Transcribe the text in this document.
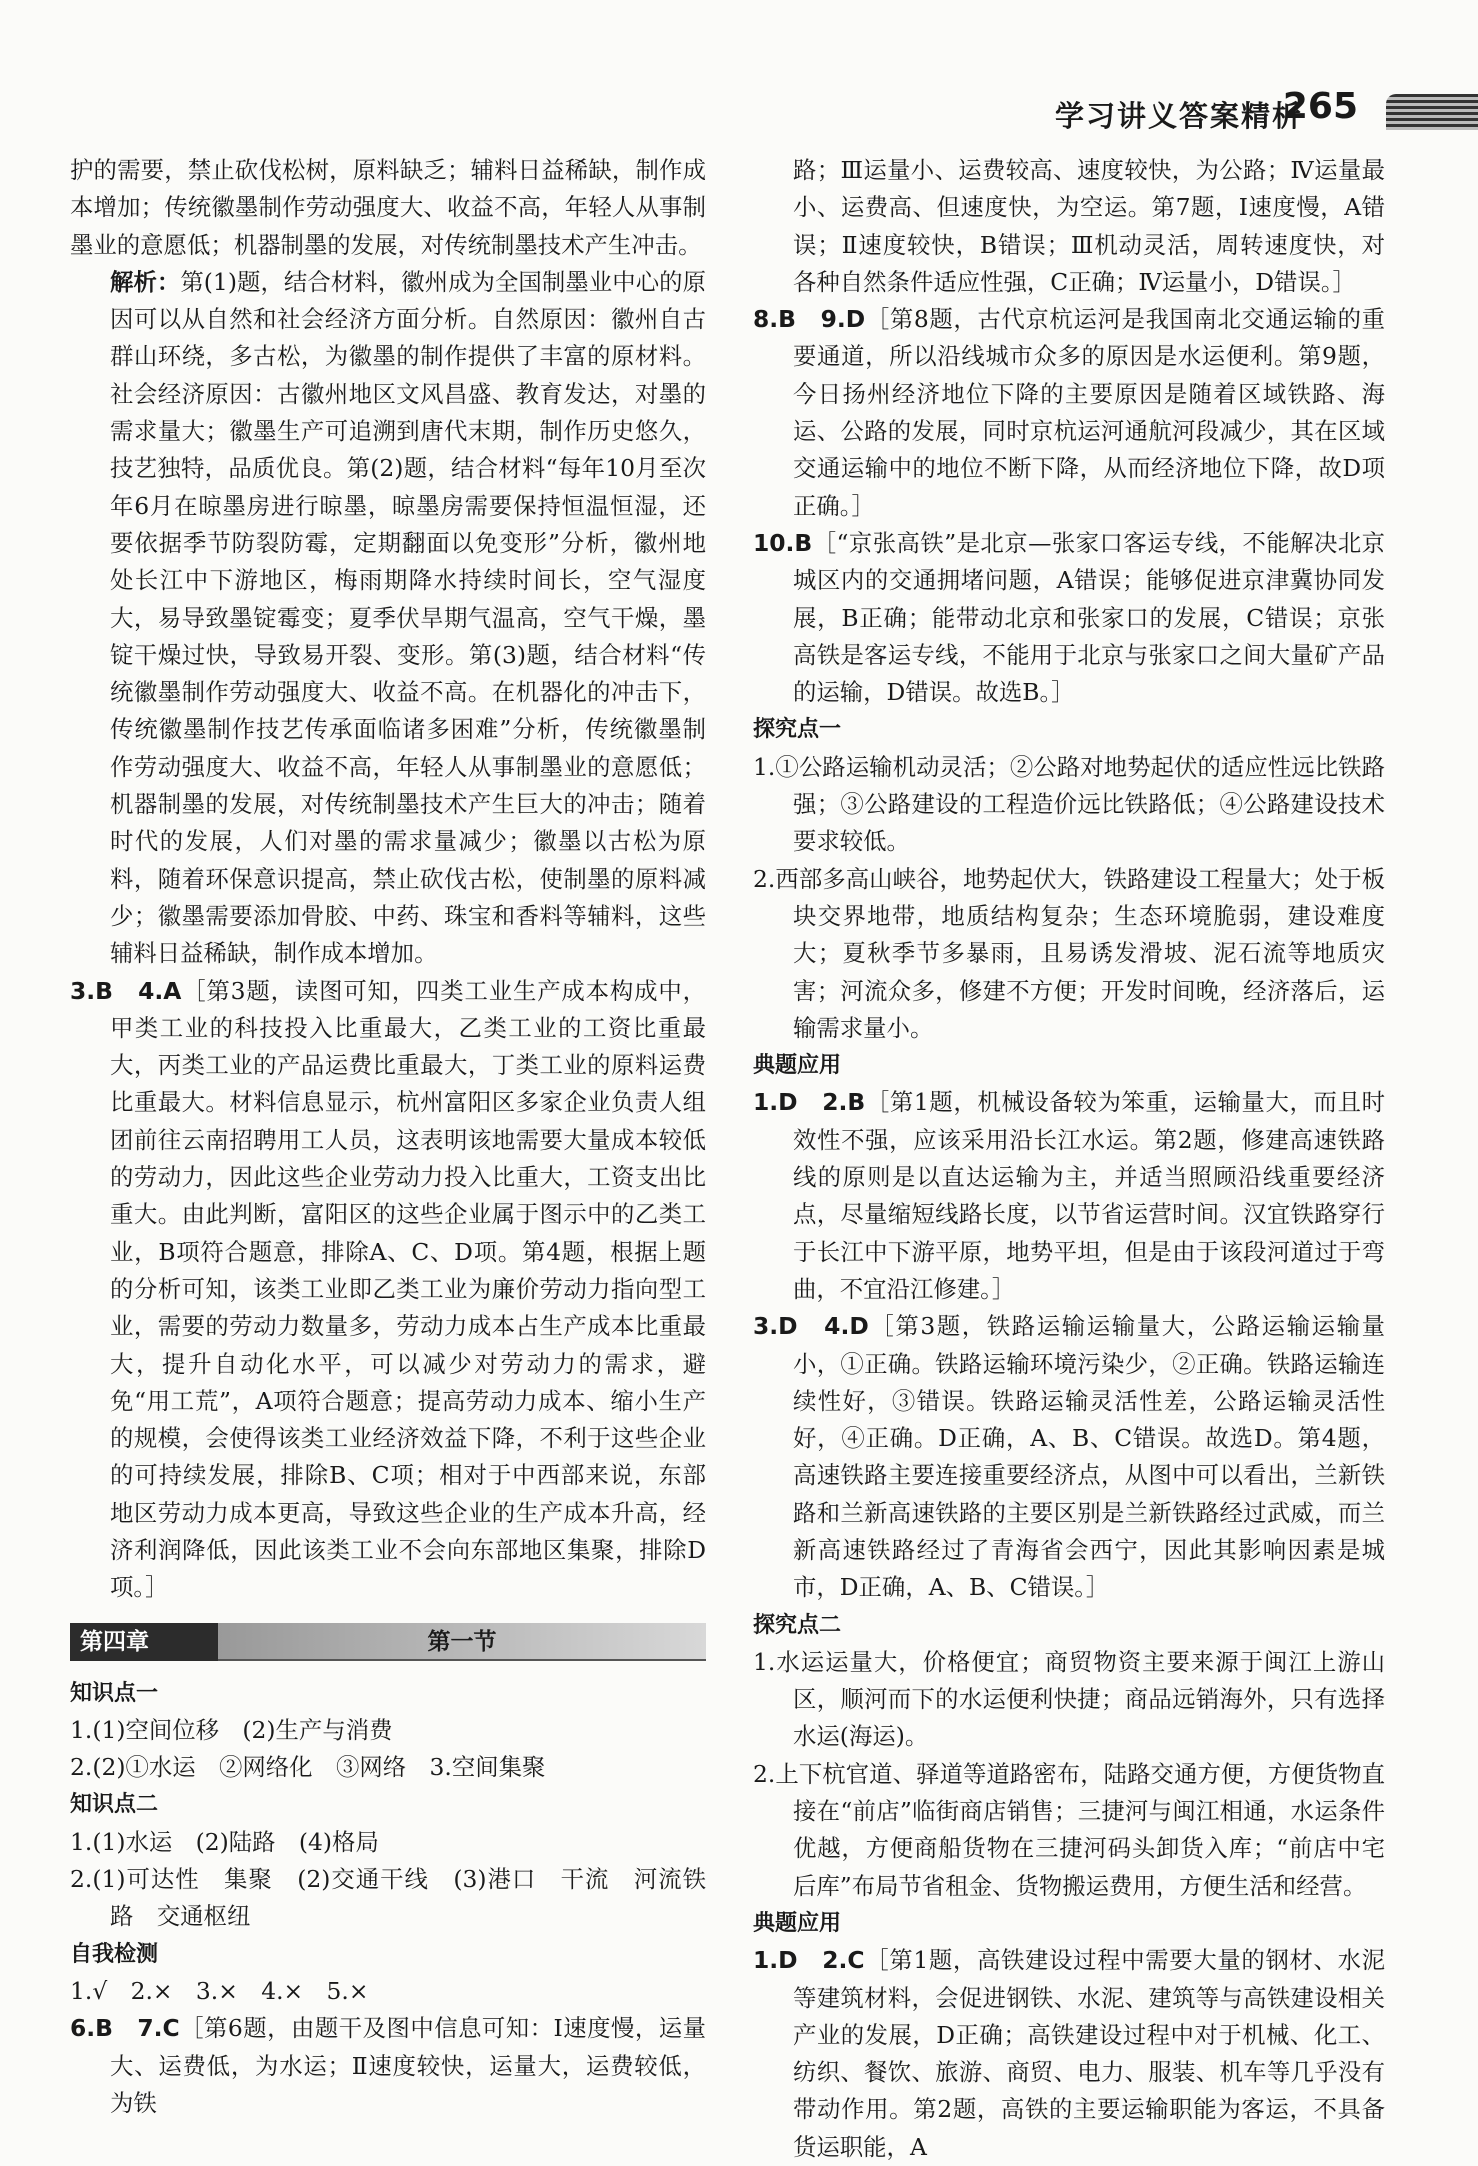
学习讲义答案精析
265

护的需要，禁止砍伐松树，原料缺乏；辅料日益稀缺，制作成本增加；传统徽墨制作劳动强度大、收益不高，年轻人从事制墨业的意愿低；机器制墨的发展，对传统制墨技术产生冲击。

解析：第(1)题，结合材料，徽州成为全国制墨业中心的原因可以从自然和社会经济方面分析。自然原因：徽州自古群山环绕，多古松，为徽墨的制作提供了丰富的原材料。社会经济原因：古徽州地区文风昌盛、教育发达，对墨的需求量大；徽墨生产可追溯到唐代末期，制作历史悠久，技艺独特，品质优良。第(2)题，结合材料“每年10月至次年6月在晾墨房进行晾墨，晾墨房需要保持恒温恒湿，还要依据季节防裂防霉，定期翻面以免变形”分析，徽州地处长江中下游地区，梅雨期降水持续时间长，空气湿度大，易导致墨锭霉变；夏季伏旱期气温高，空气干燥，墨锭干燥过快，导致易开裂、变形。第(3)题，结合材料“传统徽墨制作劳动强度大、收益不高。在机器化的冲击下，传统徽墨制作技艺传承面临诸多困难”分析，传统徽墨制作劳动强度大、收益不高，年轻人从事制墨业的意愿低；机器制墨的发展，对传统制墨技术产生巨大的冲击；随着时代的发展，人们对墨的需求量减少；徽墨以古松为原料，随着环保意识提高，禁止砍伐古松，使制墨的原料减少；徽墨需要添加骨胶、中药、珠宝和香料等辅料，这些辅料日益稀缺，制作成本增加。

3.B　4.A［第3题，读图可知，四类工业生产成本构成中，甲类工业的科技投入比重最大，乙类工业的工资比重最大，丙类工业的产品运费比重最大，丁类工业的原料运费比重最大。材料信息显示，杭州富阳区多家企业负责人组团前往云南招聘用工人员，这表明该地需要大量成本较低的劳动力，因此这些企业劳动力投入比重大，工资支出比重大。由此判断，富阳区的这些企业属于图示中的乙类工业，B项符合题意，排除A、C、D项。第4题，根据上题的分析可知，该类工业即乙类工业为廉价劳动力指向型工业，需要的劳动力数量多，劳动力成本占生产成本比重最大，提升自动化水平，可以减少对劳动力的需求，避免“用工荒”，A项符合题意；提高劳动力成本、缩小生产的规模，会使得该类工业经济效益下降，不利于这些企业的可持续发展，排除B、C项；相对于中西部来说，东部地区劳动力成本更高，导致这些企业的生产成本升高，经济利润降低，因此该类工业不会向东部地区集聚，排除D项。］

第四章	第一节

知识点一

1.(1)空间位移　(2)生产与消费

2.(2)①水运　②网络化　③网络　3.空间集聚

知识点二

1.(1)水运　(2)陆路　(4)格局

2.(1)可达性　集聚　(2)交通干线　(3)港口　干流　河流铁路　交通枢纽

自我检测

1.√　2.×　3.×　4.×　5.×

6.B　7.C［第6题，由题干及图中信息可知：Ⅰ速度慢，运量大、运费低，为水运；Ⅱ速度较快，运量大，运费较低，为铁

路；Ⅲ运量小、运费较高、速度较快，为公路；Ⅳ运量最小、运费高、但速度快，为空运。第7题，Ⅰ速度慢，A错误；Ⅱ速度较快，B错误；Ⅲ机动灵活，周转速度快，对各种自然条件适应性强，C正确；Ⅳ运量小，D错误。］

8.B　9.D［第8题，古代京杭运河是我国南北交通运输的重要通道，所以沿线城市众多的原因是水运便利。第9题，今日扬州经济地位下降的主要原因是随着区域铁路、海运、公路的发展，同时京杭运河通航河段减少，其在区域交通运输中的地位不断下降，从而经济地位下降，故D项正确。］

10.B［“京张高铁”是北京—张家口客运专线，不能解决北京城区内的交通拥堵问题，A错误；能够促进京津冀协同发展，B正确；能带动北京和张家口的发展，C错误；京张高铁是客运专线，不能用于北京与张家口之间大量矿产品的运输，D错误。故选B。］

探究点一

1.①公路运输机动灵活；②公路对地势起伏的适应性远比铁路强；③公路建设的工程造价远比铁路低；④公路建设技术要求较低。

2.西部多高山峡谷，地势起伏大，铁路建设工程量大；处于板块交界地带，地质结构复杂；生态环境脆弱，建设难度大；夏秋季节多暴雨，且易诱发滑坡、泥石流等地质灾害；河流众多，修建不方便；开发时间晚，经济落后，运输需求量小。

典题应用

1.D　2.B［第1题，机械设备较为笨重，运输量大，而且时效性不强，应该采用沿长江水运。第2题，修建高速铁路线的原则是以直达运输为主，并适当照顾沿线重要经济点，尽量缩短线路长度，以节省运营时间。汉宜铁路穿行于长江中下游平原，地势平坦，但是由于该段河道过于弯曲，不宜沿江修建。］

3.D　4.D［第3题，铁路运输运输量大，公路运输运输量小，①正确。铁路运输环境污染少，②正确。铁路运输连续性好，③错误。铁路运输灵活性差，公路运输灵活性好，④正确。D正确，A、B、C错误。故选D。第4题，高速铁路主要连接重要经济点，从图中可以看出，兰新铁路和兰新高速铁路的主要区别是兰新铁路经过武威，而兰新高速铁路经过了青海省会西宁，因此其影响因素是城市，D正确，A、B、C错误。］

探究点二

1.水运运量大，价格便宜；商贸物资主要来源于闽江上游山区，顺河而下的水运便利快捷；商品远销海外，只有选择水运(海运)。

2.上下杭官道、驿道等道路密布，陆路交通方便，方便货物直接在“前店”临街商店销售；三捷河与闽江相通，水运条件优越，方便商船货物在三捷河码头卸货入库；“前店中宅后库”布局节省租金、货物搬运费用，方便生活和经营。

典题应用

1.D　2.C［第1题，高铁建设过程中需要大量的钢材、水泥等建筑材料，会促进钢铁、水泥、建筑等与高铁建设相关产业的发展，D正确；高铁建设过程中对于机械、化工、纺织、餐饮、旅游、商贸、电力、服装、机车等几乎没有带动作用。第2题，高铁的主要运输职能为客运，不具备货运职能，A
